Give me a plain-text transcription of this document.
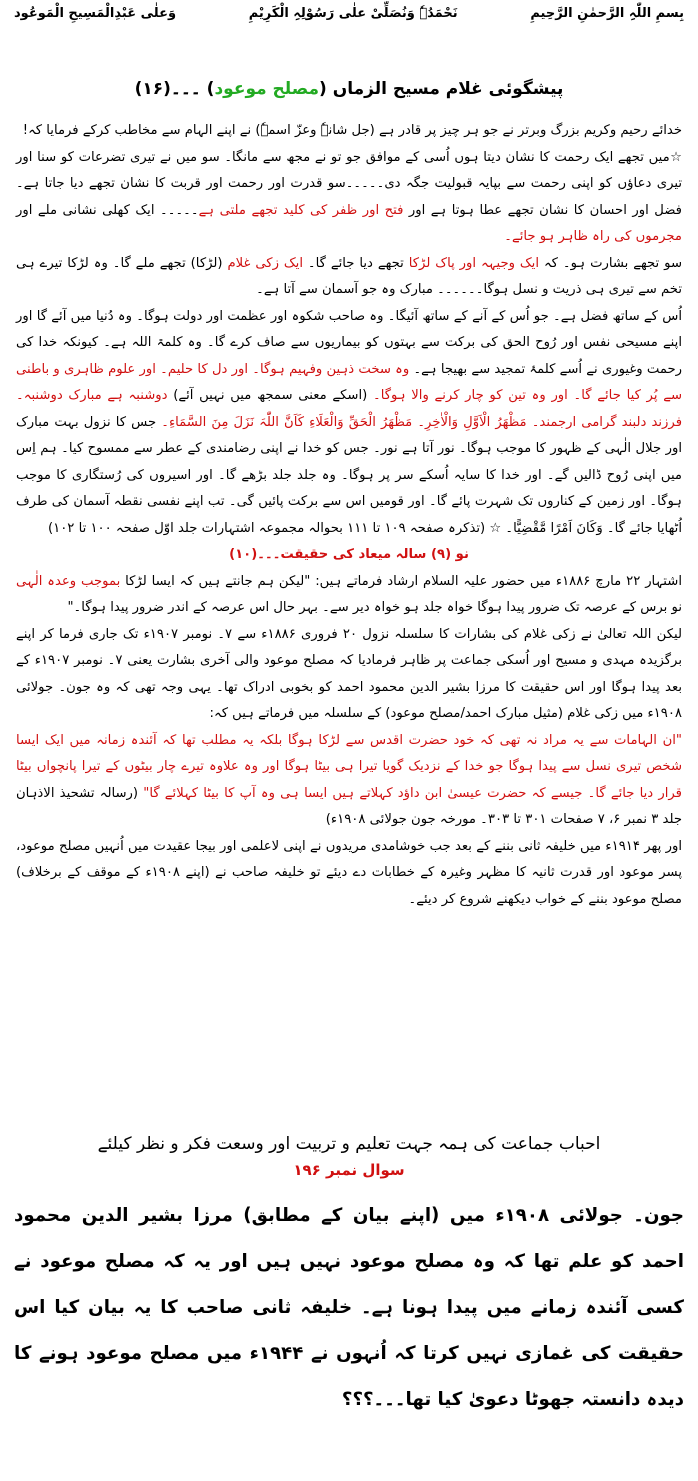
بِسمِ اللّٰہِ الرَّحمٰنِ الرَّحِیمِ
نَحْمَدُہٗ وَنُصَلِّیْ علٰی رَسُوْلِہِ الْکَرِیْمِ
وَعلٰی عَبْدِالْمَسِیحِ الْمَوعُود
پیشگوئی غلام مسیح الزماں (مصلح موعود) ۔۔۔(۱۶)

خدائے رحیم وکریم بزرگ وبرتر نے جو ہر چیز پر قادر ہے (جل شانہٗ وعزّ اسمہٗ) نے اپنے الہام سے مخاطب کرکے فرمایا کہ!

☆میں تجھے ایک رحمت کا نشان دیتا ہوں اُسی کے موافق جو تو نے مجھ سے مانگا۔ سو میں نے تیری تضرعات کو سنا اور تیری دعاؤں کو اپنی رحمت سے بپایہ قبولیت جگہ دی۔۔۔۔۔سو قدرت اور رحمت اور قربت کا نشان تجھے دیا جاتا ہے۔ فضل اور احسان کا نشان تجھے عطا ہوتا ہے اور فتح اور ظفر کی کلید تجھے ملتی ہے۔۔۔۔۔ ایک کھلی نشانی ملے اور مجرموں کی راہ ظاہر ہو جائے۔

سو تجھے بشارت ہو۔ کہ ایک وجیہہ اور پاک لڑکا تجھے دیا جائے گا۔ ایک زکی غلام (لڑکا) تجھے ملے گا۔ وہ لڑکا تیرے ہی تخم سے تیری ہی ذریت و نسل ہوگا۔۔۔۔۔۔ مبارک وہ جو آسمان سے آتا ہے۔

اُس کے ساتھ فضل ہے۔ جو اُس کے آنے کے ساتھ آئیگا۔ وہ صاحب شکوہ اور عظمت اور دولت ہوگا۔ وہ دُنیا میں آئے گا اور اپنے مسیحی نفس اور رُوح الحق کی برکت سے بہتوں کو بیماریوں سے صاف کرے گا۔ وہ کلمۃ اللہ ہے۔ کیونکہ خدا کی رحمت وغیوری نے اُسے کلمۂ تمجید سے بھیجا ہے۔ وہ سخت ذہین وفہیم ہوگا۔ اور دل کا حلیم۔ اور علوم ظاہری و باطنی سے پُر کیا جائے گا۔ اور وہ تین کو چار کرنے والا ہوگا۔ (اسکے معنی سمجھ میں نہیں آئے) دوشنبہ ہے مبارک دوشنبہ۔ فرزند دلبند گرامی ارجمند۔ مَظْھَرُ الْاَوَّلِ وَالْاٰخِرِ۔ مَظْھَرُ الْحَقِّ وَالْعَلَاءِ کَاَنَّ اللّٰہَ نَزَلَ مِنَ السَّمَاءِ۔ جس کا نزول بہت مبارک اور جلال الٰہی کے ظہور کا موجب ہوگا۔ نور آتا ہے نور۔ جس کو خدا نے اپنی رضامندی کے عطر سے ممسوح کیا۔ ہم اِس میں اپنی رُوح ڈالیں گے۔ اور خدا کا سایہ اُسکے سر پر ہوگا۔ وہ جلد جلد بڑھے گا۔ اور اسیروں کی رُستگاری کا موجب ہوگا۔ اور زمین کے کناروں تک شہرت پائے گا۔ اور قومیں اس سے برکت پائیں گی۔ تب اپنے نفسی نقطہ آسمان کی طرف اُٹھایا جائے گا۔ وَکَانَ اَمْرًا مَّقْضِیًّا۔ ☆ (تذکرہ صفحہ ۱۰۹ تا ۱۱۱ بحوالہ مجموعہ اشتہارات جلد اوّل صفحہ ۱۰۰ تا ۱۰۲)

نو (۹) سالہ میعاد کی حقیقت۔۔۔(۱۰)

اشتہار ۲۲ مارچ ۱۸۸۶ء میں حضور علیہ السلام ارشاد فرماتے ہیں: "لیکن ہم جانتے ہیں کہ ایسا لڑکا بموجب وعدہ الٰہی نو برس کے عرصہ تک ضرور پیدا ہوگا خواہ جلد ہو خواہ دیر سے۔ بہر حال اس عرصہ کے اندر ضرور پیدا ہوگا۔"

لیکن اللہ تعالیٰ نے زکی غلام کی بشارات کا سلسلہ نزول ۲۰ فروری ۱۸۸۶ء سے ۷۔ نومبر ۱۹۰۷ء تک جاری فرما کر اپنے برگزیدہ مہدی و مسیح اور اُسکی جماعت پر ظاہر فرمادیا کہ مصلح موعود والی آخری بشارت یعنی ۷۔ نومبر ۱۹۰۷ء کے بعد پیدا ہوگا اور اس حقیقت کا مرزا بشیر الدین محمود احمد کو بخوبی ادراک تھا۔ یہی وجہ تھی کہ وہ جون۔ جولائی ۱۹۰۸ء میں زکی غلام (مثیل مبارک احمد/مصلح موعود) کے سلسلہ میں فرماتے ہیں کہ:

"ان الہامات سے یہ مراد نہ تھی کہ خود حضرت اقدس سے لڑکا ہوگا بلکہ یہ مطلب تھا کہ آئندہ زمانہ میں ایک ایسا شخص تیری نسل سے پیدا ہوگا جو خدا کے نزدیک گویا تیرا ہی بیٹا ہوگا اور وہ علاوہ تیرے چار بیٹوں کے تیرا پانچواں بیٹا قرار دیا جائے گا۔ جیسے کہ حضرت عیسیٰ ابن داؤد کہلاتے ہیں ایسا ہی وہ آپ کا بیٹا کہلائے گا" (رسالہ تشحیذ الاذہان جلد ۳ نمبر ۶، ۷ صفحات ۳۰۱ تا ۳۰۳۔ مورخہ جون جولائی ۱۹۰۸ء)

اور پھر ۱۹۱۴ء میں خلیفہ ثانی بننے کے بعد جب خوشامدی مریدوں نے اپنی لاعلمی اور بیجا عقیدت میں اُنہیں مصلح موعود، پسر موعود اور قدرت ثانیہ کا مظہر وغیرہ کے خطابات دے دیئے تو خلیفہ صاحب نے (اپنے ۱۹۰۸ء کے موقف کے برخلاف) مصلح موعود بننے کے خواب دیکھنے شروع کر دیئے۔

احباب جماعت کی ہمہ جہت تعلیم و تربیت اور وسعت فکر و نظر کیلئے
سوال نمبر ۱۹۶
جون۔ جولائی ۱۹۰۸ء میں (اپنے بیان کے مطابق) مرزا بشیر الدین محمود احمد کو علم تھا کہ وہ مصلح موعود نہیں ہیں اور یہ کہ مصلح موعود نے کسی آئندہ زمانے میں پیدا ہونا ہے۔ خلیفہ ثانی صاحب کا یہ بیان کیا اس حقیقت کی غمازی نہیں کرتا کہ اُنہوں نے ۱۹۴۴ء میں مصلح موعود ہونے کا دیدہ دانستہ جھوٹا دعویٰ کیا تھا۔۔۔؟؟؟
